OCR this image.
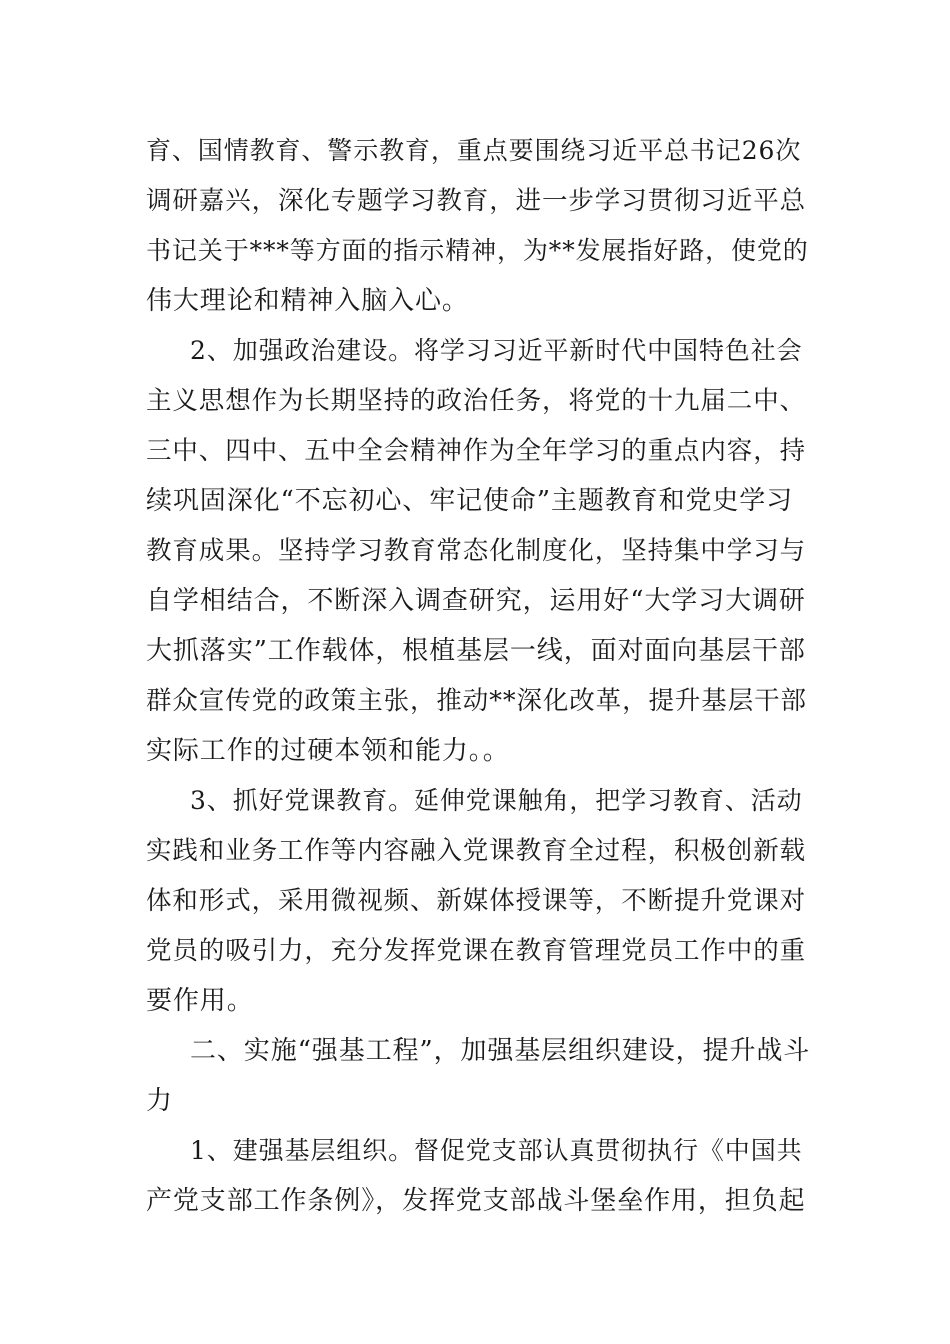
育、国情教育、警示教育，重点要围绕习近平总书记26次
调研嘉兴，深化专题学习教育，进一步学习贯彻习近平总
书记关于***等方面的指示精神，为**发展指好路，使党的
伟大理论和精神入脑入心。
2、加强政治建设。将学习习近平新时代中国特色社会
主义思想作为长期坚持的政治任务，将党的十九届二中、
三中、四中、五中全会精神作为全年学习的重点内容，持
续巩固深化“不忘初心、牢记使命”主题教育和党史学习
教育成果。坚持学习教育常态化制度化，坚持集中学习与
自学相结合，不断深入调查研究，运用好“大学习大调研
大抓落实”工作载体，根植基层一线，面对面向基层干部
群众宣传党的政策主张，推动**深化改革，提升基层干部
实际工作的过硬本领和能力。。
3、抓好党课教育。延伸党课触角，把学习教育、活动
实践和业务工作等内容融入党课教育全过程，积极创新载
体和形式，采用微视频、新媒体授课等，不断提升党课对
党员的吸引力，充分发挥党课在教育管理党员工作中的重
要作用。
二、实施“强基工程”，加强基层组织建设，提升战斗
力
1、建强基层组织。督促党支部认真贯彻执行《中国共
产党支部工作条例》，发挥党支部战斗堡垒作用，担负起
